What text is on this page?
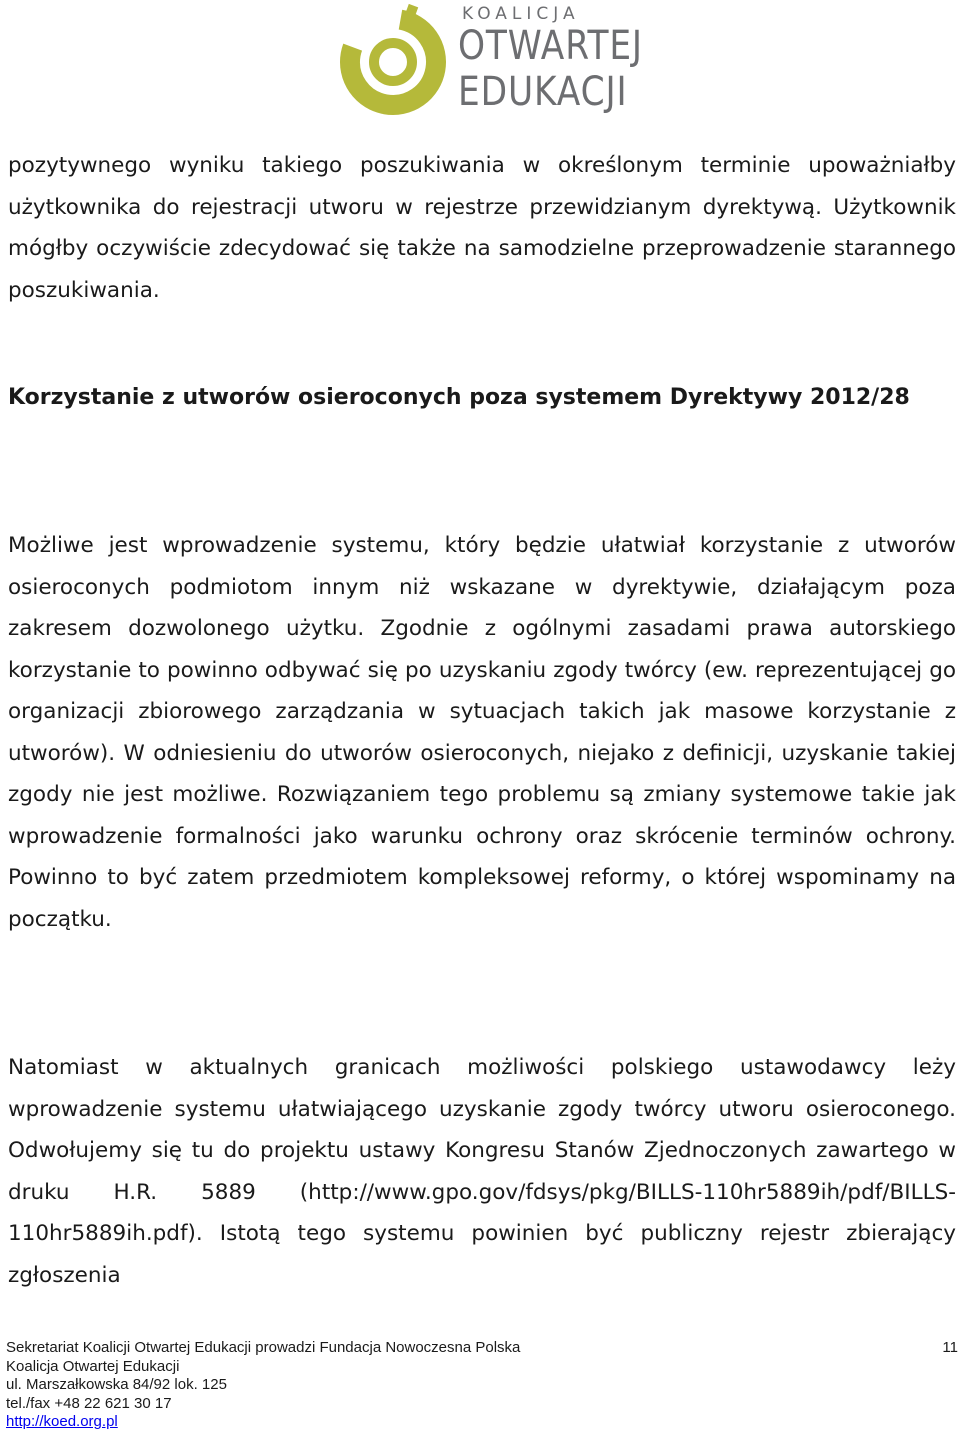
KOALICJA
OTWARTEJ
EDUKACJI

pozytywnego wyniku takiego poszukiwania w określonym terminie upoważniałby użytkownika do rejestracji utworu w rejestrze przewidzianym dyrektywą. Użytkownik mógłby oczywiście zdecydować się także na samodzielne przeprowadzenie starannego poszukiwania.

Korzystanie z utworów osieroconych poza systemem Dyrektywy 2012/28

Możliwe jest wprowadzenie systemu, który będzie ułatwiał korzystanie z utworów osieroconych podmiotom innym niż wskazane w dyrektywie, działającym poza zakresem dozwolonego użytku. Zgodnie z ogólnymi zasadami prawa autorskiego korzystanie to powinno odbywać się po uzyskaniu zgody twórcy (ew. reprezentującej go organizacji zbiorowego zarządzania w sytuacjach takich jak masowe korzystanie z utworów). W odniesieniu do utworów osieroconych, niejako z definicji, uzyskanie takiej zgody nie jest możliwe. Rozwiązaniem tego problemu są zmiany systemowe takie jak wprowadzenie formalności jako warunku ochrony oraz skrócenie terminów ochrony. Powinno to być zatem przedmiotem kompleksowej reformy, o której wspominamy na początku.

Natomiast w aktualnych granicach możliwości polskiego ustawodawcy leży wprowadzenie systemu ułatwiającego uzyskanie zgody twórcy utworu osieroconego. Odwołujemy się tu do projektu ustawy Kongresu Stanów Zjednoczonych zawartego w druku H.R. 5889 (http://www.gpo.gov/fdsys/pkg/BILLS-110hr5889ih/pdf/BILLS-110hr5889ih.pdf). Istotą tego systemu powinien być publiczny rejestr zbierający zgłoszenia

Sekretariat Koalicji Otwartej Edukacji prowadzi Fundacja Nowoczesna Polska
Koalicja Otwartej Edukacji
ul. Marszałkowska 84/92 lok. 125
tel./fax +48 22 621 30 17
http://koed.org.pl
11
